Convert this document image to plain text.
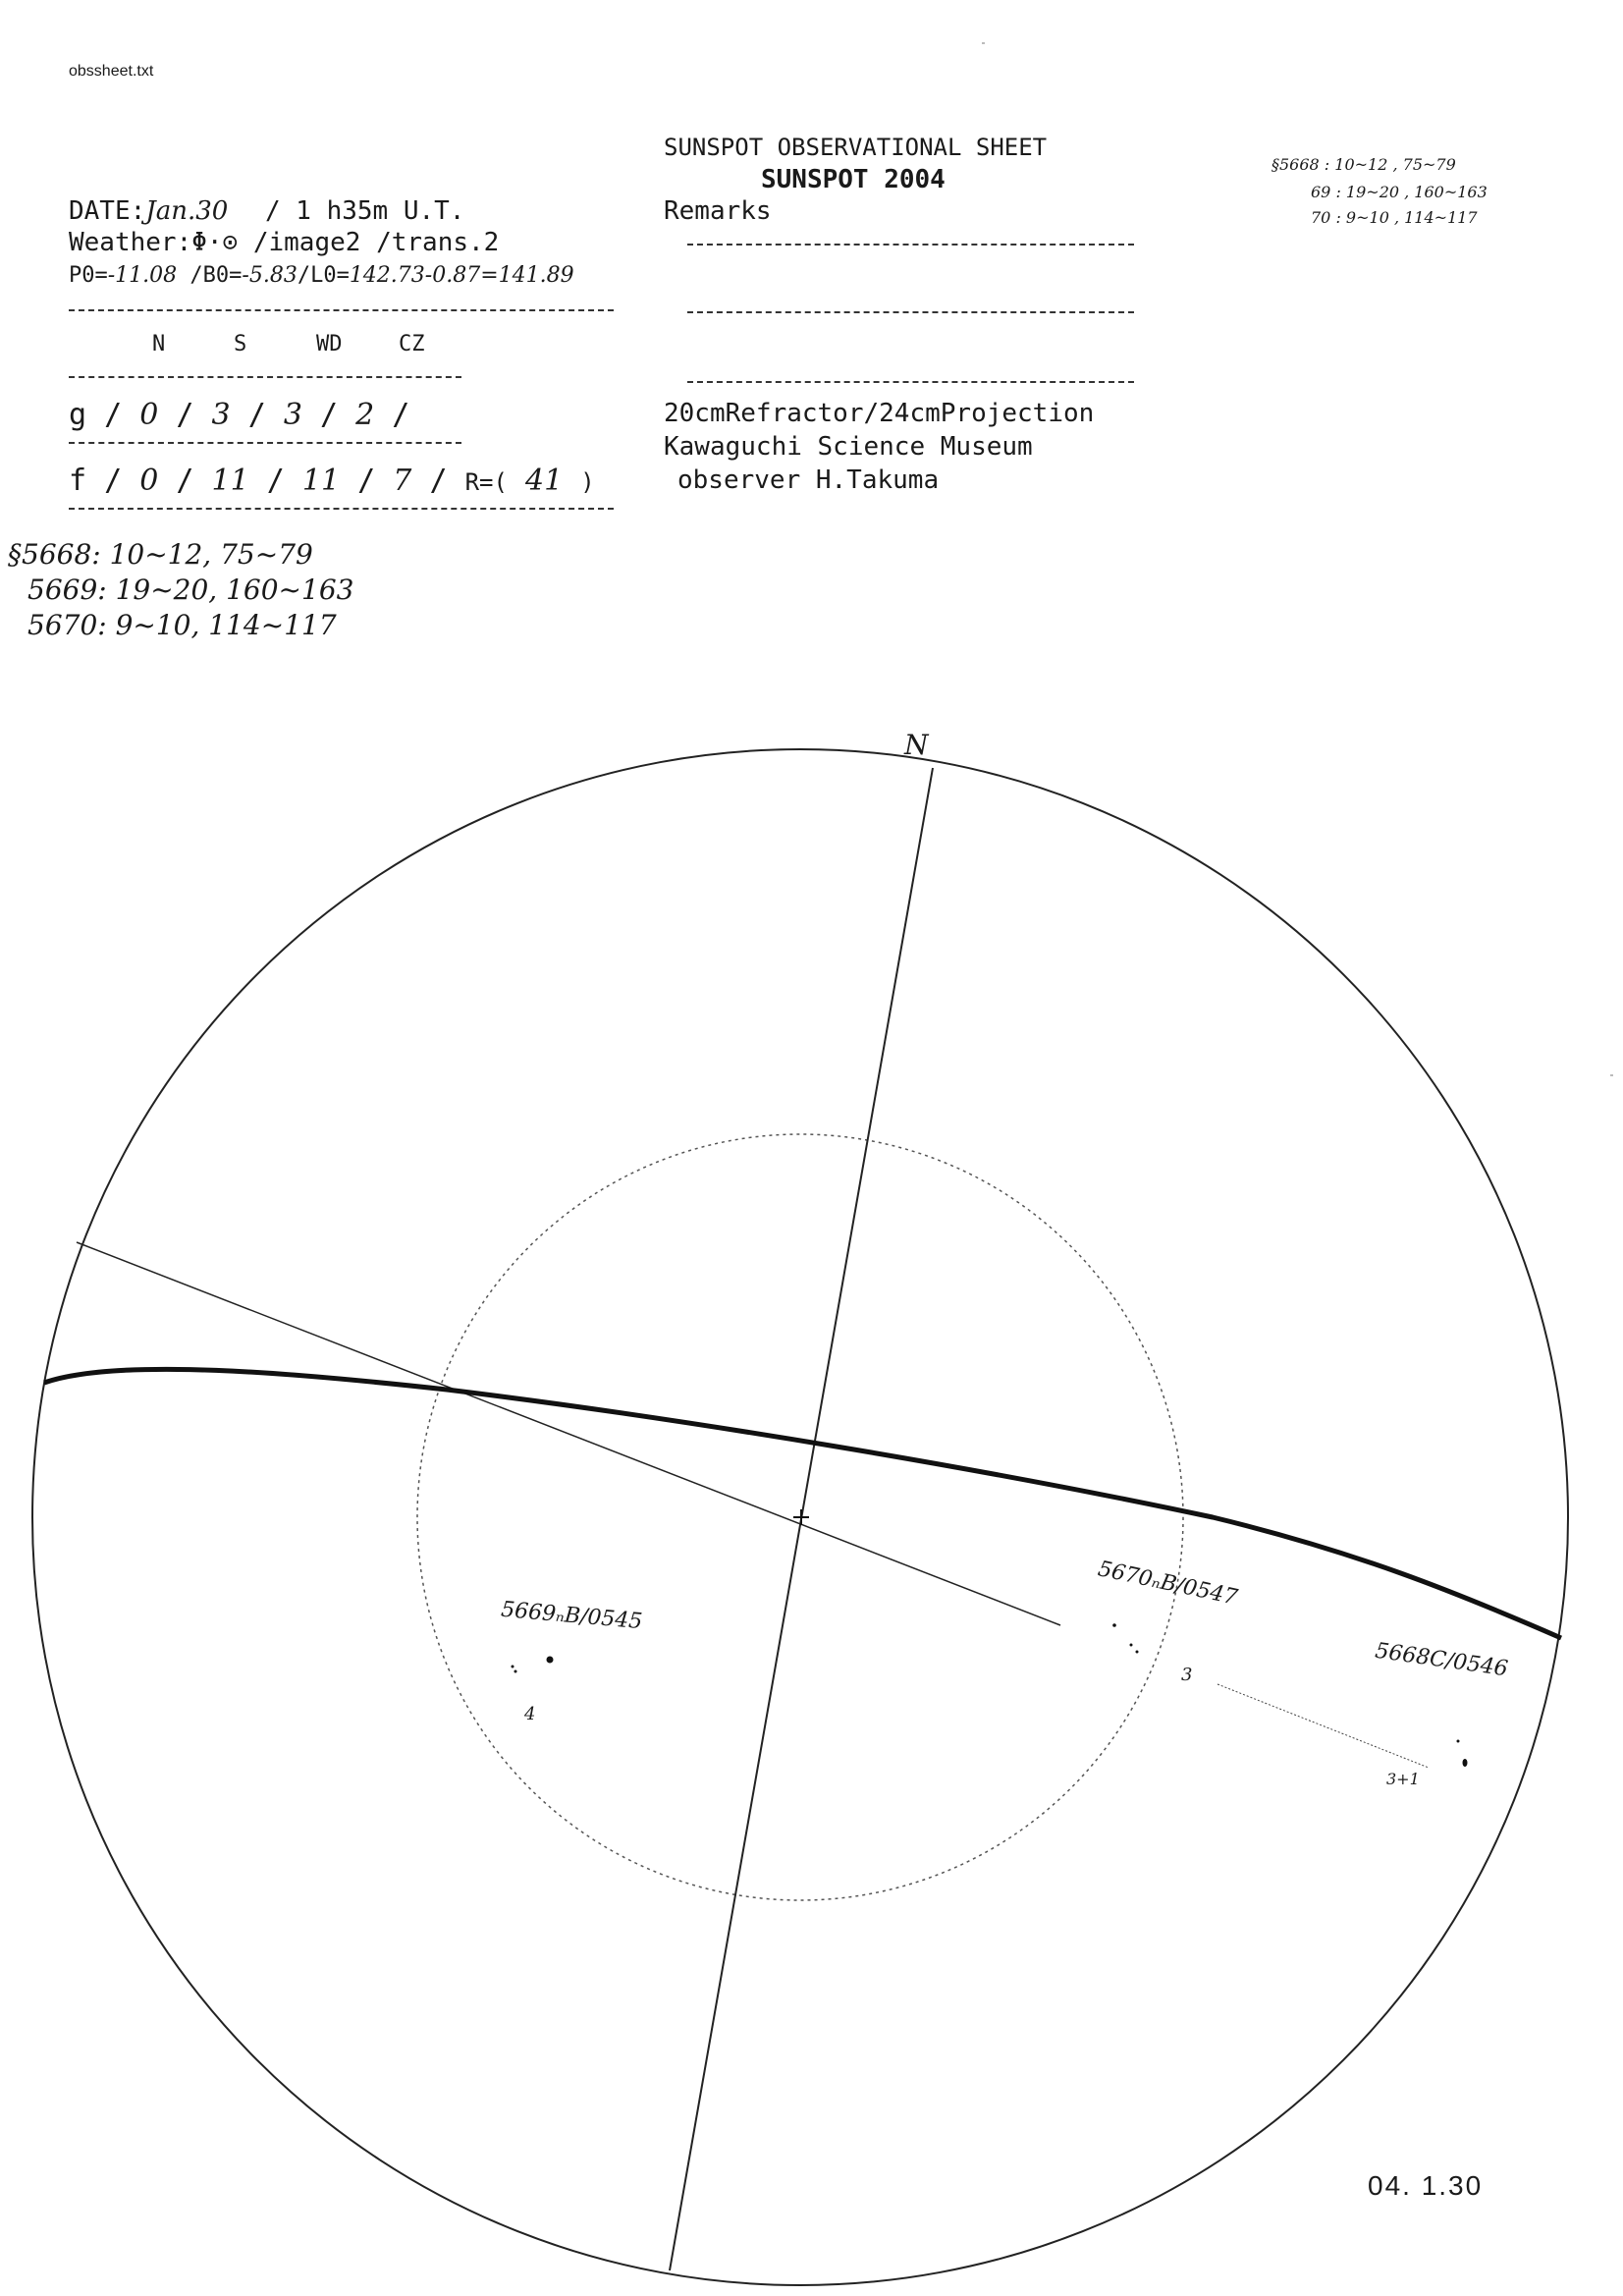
obssheet.txt
SUNSPOT OBSERVATIONAL SHEET
SUNSPOT 2004
Remarks
DATE:Jan.30 / 1 h35m U.T.
Weather:Φ·⊙ /image2 /trans.2
P0=-11.08 /B0=-5.83/L0=142.73-0.87=141.89
N	S	WD	CZ
g / 0 / 3 / 3 / 2 /
f / 0 / 11 / 11 / 7 / R=( 41 )
20cmRefractor/24cmProjection
Kawaguchi Science Museum
observer H.Takuma
§5668 : 10~12 , 75~79
69 : 19~20 , 160~163
70 : 9~10 , 114~117
§5668: 10~12, 75~79
5669: 19~20, 160~163
5670: 9~10, 114~117
N
5669ₙB/0545
4
5670ₙB/0547
3	5668C/0546
3+1
04. 1.30
